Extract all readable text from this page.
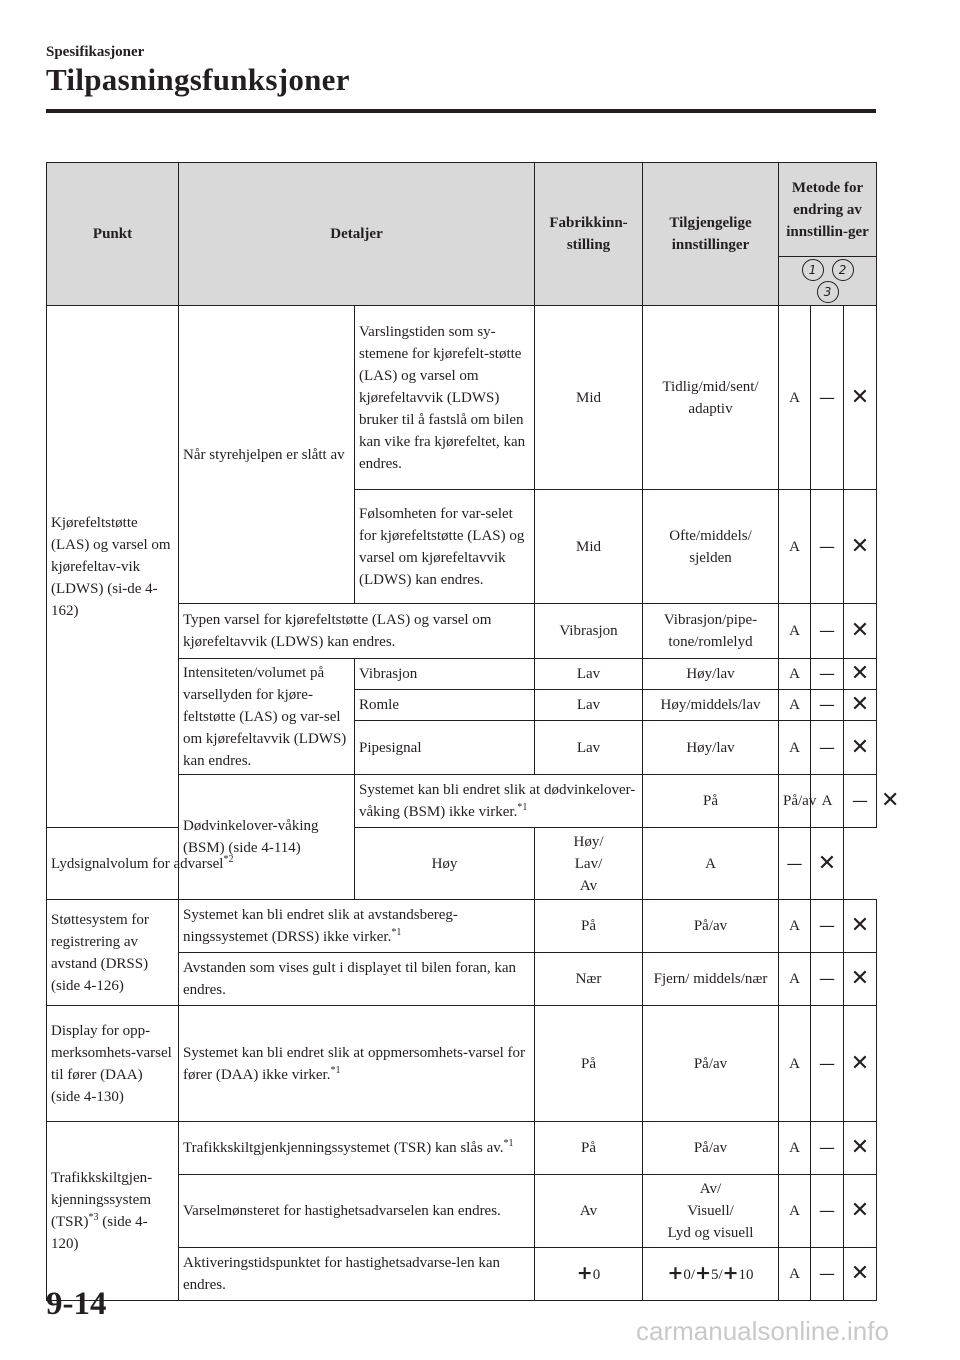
Spesifikasjoner
Tilpasningsfunksjoner
Punkt	Detaljer		Fabrikkinn-stilling	Tilgjengelige innstillinger	Metode for endring av innstillin-ger			
					1 23			
Kjørefeltstøtte (LAS) og varsel om kjørefeltav-vik (LDWS) (si-de 4-162)	Når styrehjelpen er slått av	Varslingstiden som sy-stemene for kjørefelt-støtte (LAS) og varsel om kjørefeltavvik (LDWS) bruker til å fastslå om bilen kan vike fra kjørefeltet, kan endres.	Mid	Tidlig/mid/sent/ adaptiv	A	—	✕	
		Følsomheten for var-selet for kjørefeltstøtte (LAS) og varsel om kjørefeltavvik (LDWS) kan endres.	Mid	Ofte/middels/ sjelden	A	—	✕	
	Typen varsel for kjørefeltstøtte (LAS) og varsel om kjørefeltavvik (LDWS) kan endres.		Vibrasjon	Vibrasjon/pipe-tone/romlelyd	A	—	✕	
	Intensiteten/volumet på varsellyden for kjøre-feltstøtte (LAS) og var-sel om kjørefeltavvik (LDWS) kan endres.	Vibrasjon	Lav	Høy/lav	A	—	✕	
		Romle	Lav	Høy/middels/lav	A	—	✕	
		Pipesignal	Lav	Høy/lav	A	—	✕	
	Dødvinkelover-våking (BSM) (side 4-114)	Systemet kan bli endret slik at dødvinkelover-våking (BSM) ikke virker.$^{*1}$		På	På/av	A	—	✕
Lydsignalvolum for advarsel$^{*2}$		Høy	Høy/
Lav/
Av	A	—	✕		
Støttesystem for registrering av avstand (DRSS) (side 4-126)	Systemet kan bli endret slik at avstandsbereg-ningssystemet (DRSS) ikke virker.$^{*1}$		På	På/av	A	—	✕	
	Avstanden som vises gult i displayet til bilen foran, kan endres.		Nær	Fjern/ middels/nær	A	—	✕	
Display for opp-merksomhets-varsel til fører (DAA) (side 4-130)	Systemet kan bli endret slik at oppmersomhets-varsel for fører (DAA) ikke virker.$^{*1}$		På	På/av	A	—	✕	
Trafikkskiltgjen-kjenningssystem (TSR)$^{*3}$ (side 4-120)	Trafikkskiltgjenkjenningssystemet (TSR) kan slås av.$^{*1}$		På	På/av	A	—	✕	
	Varselmønsteret for hastighetsadvarselen kan endres.		Av	Av/
Visuell/
Lyd og visuell	A	—	✕	
	Aktiveringstidspunktet for hastighetsadvarse-len kan endres.		+0	+0/+5/+10	A	—	✕	
9-14
carmanualsonline.info
